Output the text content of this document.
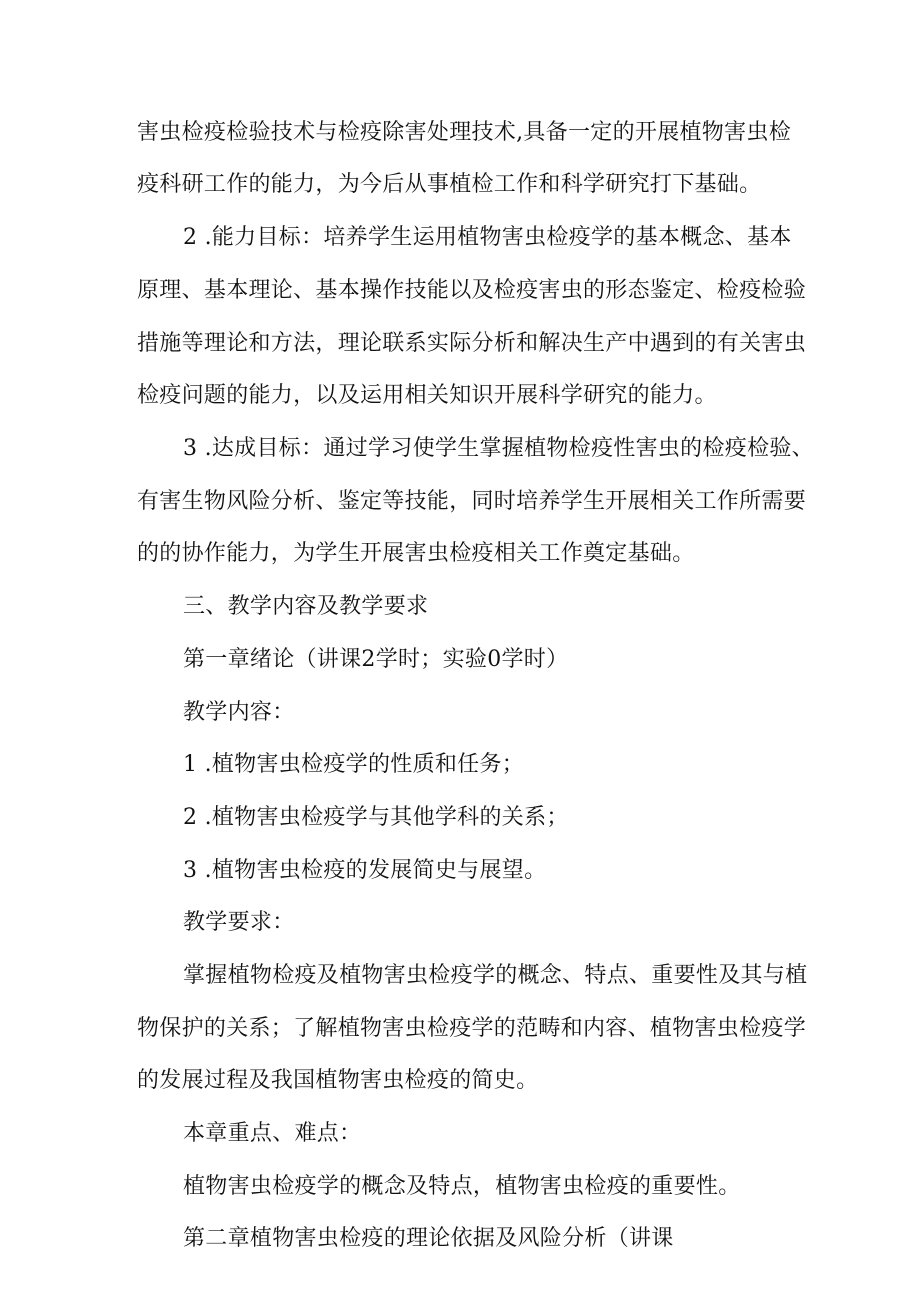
害虫检疫检验技术与检疫除害处理技术,具备一定的开展植物害虫检
疫科研工作的能力，为今后从事植检工作和科学研究打下基础。
2 .能力目标：培养学生运用植物害虫检疫学的基本概念、基本
原理、基本理论、基本操作技能以及检疫害虫的形态鉴定、检疫检验
措施等理论和方法，理论联系实际分析和解决生产中遇到的有关害虫
检疫问题的能力，以及运用相关知识开展科学研究的能力。
3 .达成目标：通过学习使学生掌握植物检疫性害虫的检疫检验、
有害生物风险分析、鉴定等技能，同时培养学生开展相关工作所需要
的的协作能力，为学生开展害虫检疫相关工作奠定基础。
三、教学内容及教学要求
第一章绪论（讲课2学时；实验0学时）
教学内容：
1 .植物害虫检疫学的性质和任务；
2 .植物害虫检疫学与其他学科的关系；
3 .植物害虫检疫的发展简史与展望。
教学要求：
掌握植物检疫及植物害虫检疫学的概念、特点、重要性及其与植
物保护的关系；了解植物害虫检疫学的范畴和内容、植物害虫检疫学
的发展过程及我国植物害虫检疫的简史。
本章重点、难点：
植物害虫检疫学的概念及特点，植物害虫检疫的重要性。
第二章植物害虫检疫的理论依据及风险分析（讲课
